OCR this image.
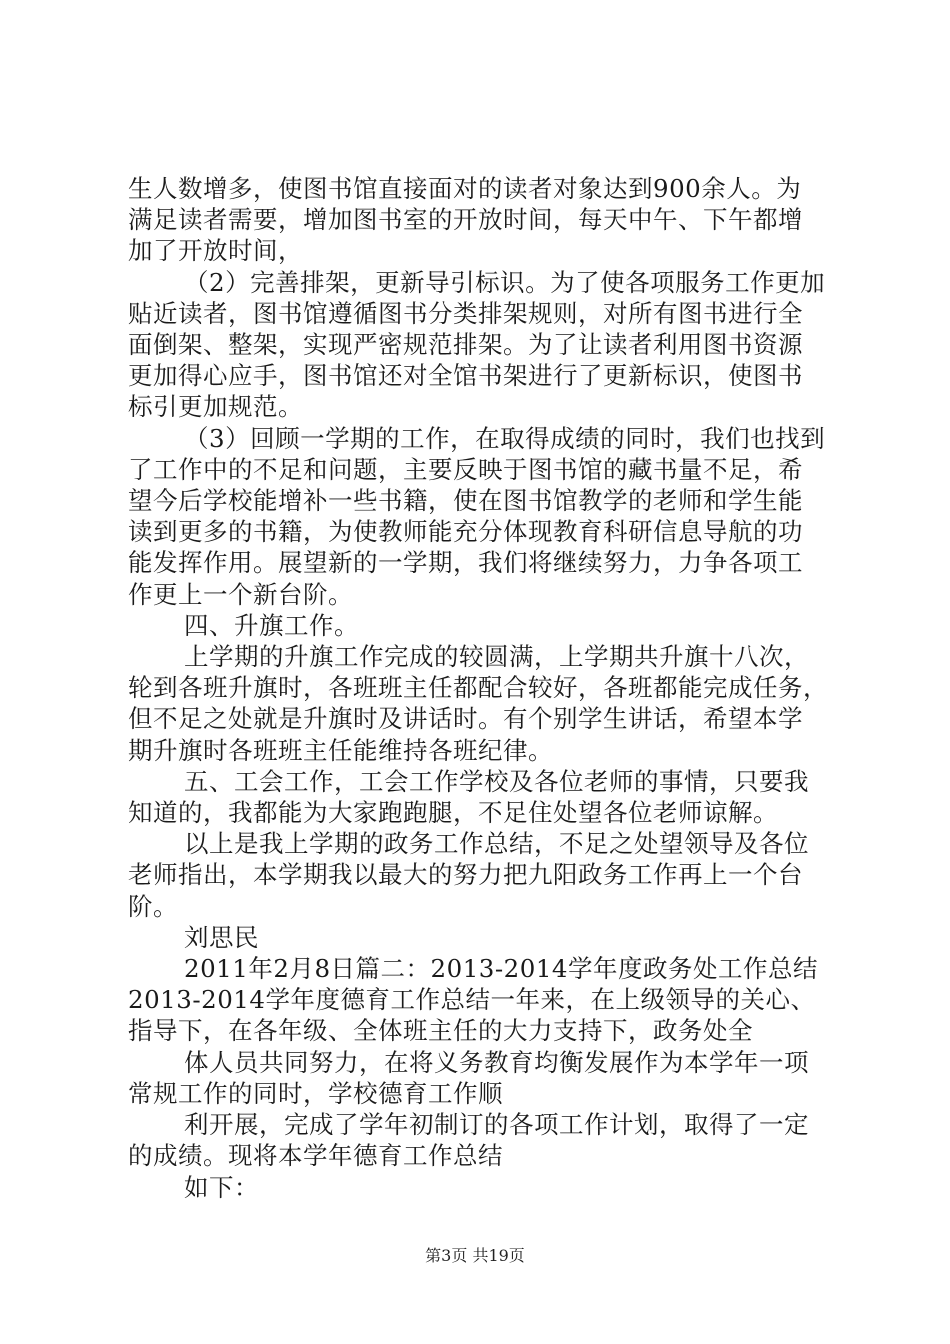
生人数增多，使图书馆直接面对的读者对象达到900余人。为

满足读者需要，增加图书室的开放时间，每天中午、下午都增

加了开放时间，

（2）完善排架，更新导引标识。为了使各项服务工作更加

贴近读者，图书馆遵循图书分类排架规则，对所有图书进行全

面倒架、整架，实现严密规范排架。为了让读者利用图书资源

更加得心应手，图书馆还对全馆书架进行了更新标识，使图书

标引更加规范。

（3）回顾一学期的工作，在取得成绩的同时，我们也找到

了工作中的不足和问题，主要反映于图书馆的藏书量不足，希

望今后学校能增补一些书籍，使在图书馆教学的老师和学生能

读到更多的书籍，为使教师能充分体现教育科研信息导航的功

能发挥作用。展望新的一学期，我们将继续努力，力争各项工

作更上一个新台阶。

四、升旗工作。

上学期的升旗工作完成的较圆满，上学期共升旗十八次，

轮到各班升旗时，各班班主任都配合较好，各班都能完成任务，

但不足之处就是升旗时及讲话时。有个别学生讲话，希望本学

期升旗时各班班主任能维持各班纪律。

五、工会工作，工会工作学校及各位老师的事情，只要我

知道的，我都能为大家跑跑腿，不足住处望各位老师谅解。

以上是我上学期的政务工作总结，不足之处望领导及各位

老师指出，本学期我以最大的努力把九阳政务工作再上一个台

阶。

刘思民

2011年2月8日篇二：2013-2014学年度政务处工作总结

2013-2014学年度德育工作总结一年来，在上级领导的关心、

指导下，在各年级、全体班主任的大力支持下，政务处全

体人员共同努力，在将义务教育均衡发展作为本学年一项

常规工作的同时，学校德育工作顺

利开展，完成了学年初制订的各项工作计划，取得了一定

的成绩。现将本学年德育工作总结

如下：

第3页 共19页
